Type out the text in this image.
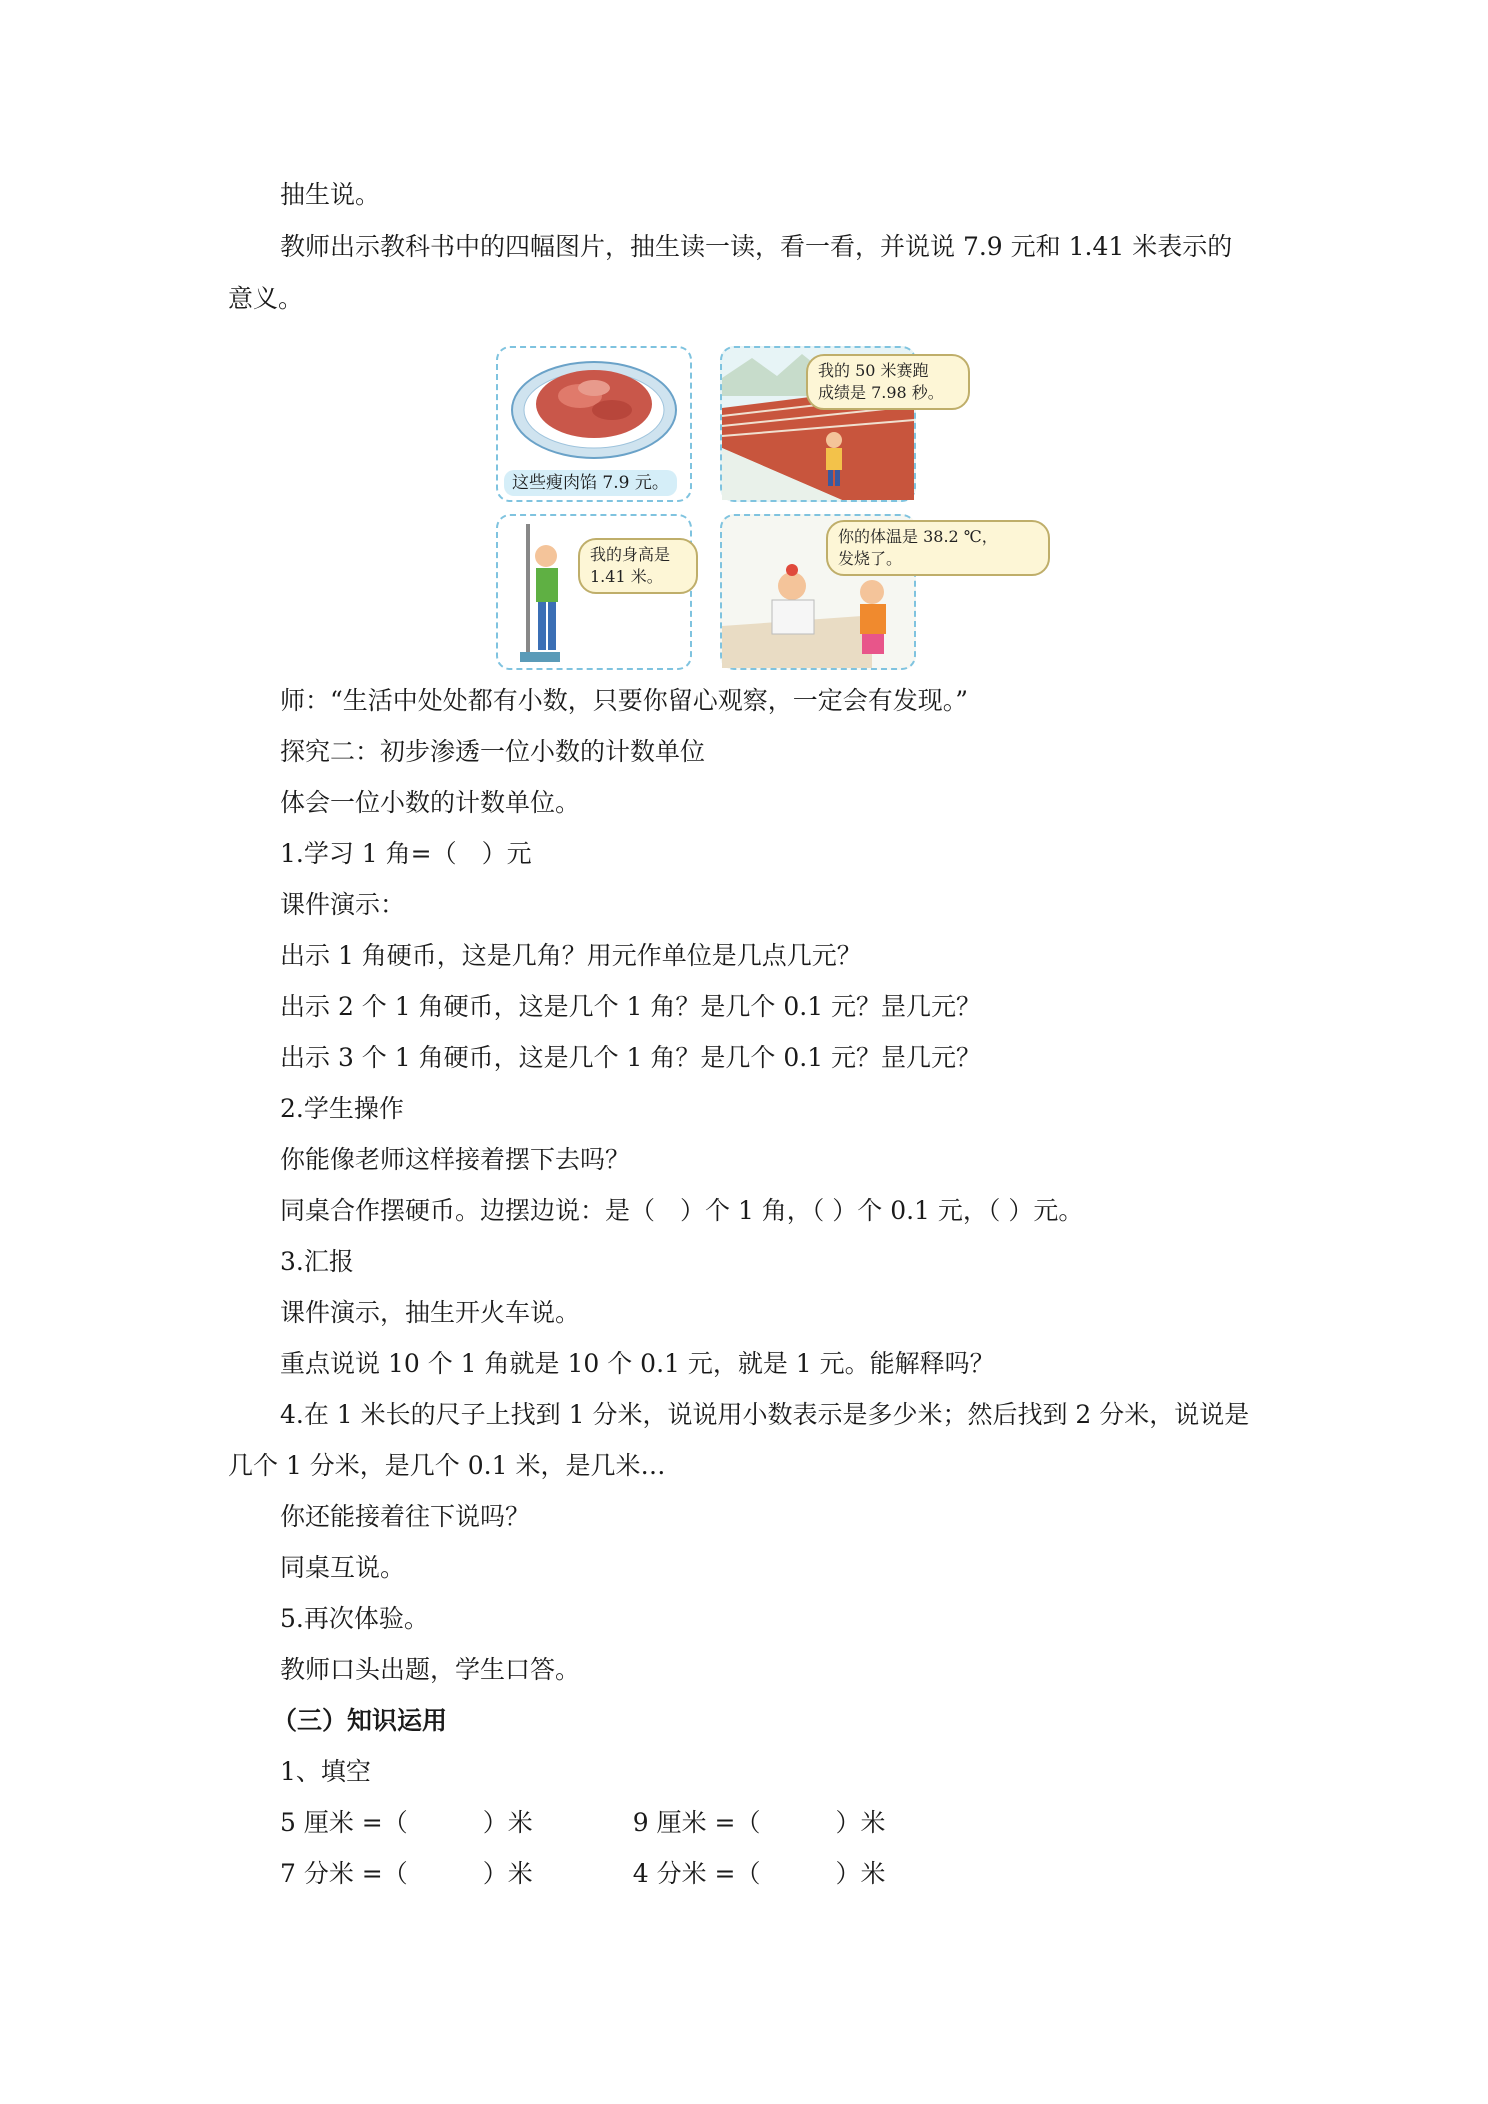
抽生说。
教师出示教科书中的四幅图片，抽生读一读，看一看，并说说 7.9 元和 1.41 米表示的
意义。
这些瘦肉馅 7.9 元。
我的 50 米赛跑
成绩是 7.98 秒。
我的身高是
1.41 米。
你的体温是 38.2 ℃，
发烧了。
师：“生活中处处都有小数，只要你留心观察，一定会有发现。”
探究二：初步渗透一位小数的计数单位
体会一位小数的计数单位。
1.学习 1 角=（　）元
课件演示：
出示 1 角硬币，这是几角？用元作单位是几点几元？
出示 2 个 1 角硬币，这是几个 1 角？是几个 0.1 元？昰几元？
出示 3 个 1 角硬币，这是几个 1 角？是几个 0.1 元？昰几元？
2.学生操作
你能像老师这样接着摆下去吗？
同桌合作摆硬币。边摆边说：是（　）个 1 角，（ ）个 0.1 元，（ ）元。
3.汇报
课件演示，抽生开火车说。
重点说说 10 个 1 角就是 10 个 0.1 元，就是 1 元。能解释吗？
4.在 1 米长的尺子上找到 1 分米，说说用小数表示是多少米；然后找到 2 分米，说说是
几个 1 分米，是几个 0.1 米，是几米…
你还能接着往下说吗？
同桌互说。
5.再次体验。
教师口头出题，学生口答。
（三）知识运用
1、填空
5 厘米 =（　　　）米　　　　9 厘米 =（　　　）米
7 分米 =（　　　）米　　　　4 分米 =（　　　）米
